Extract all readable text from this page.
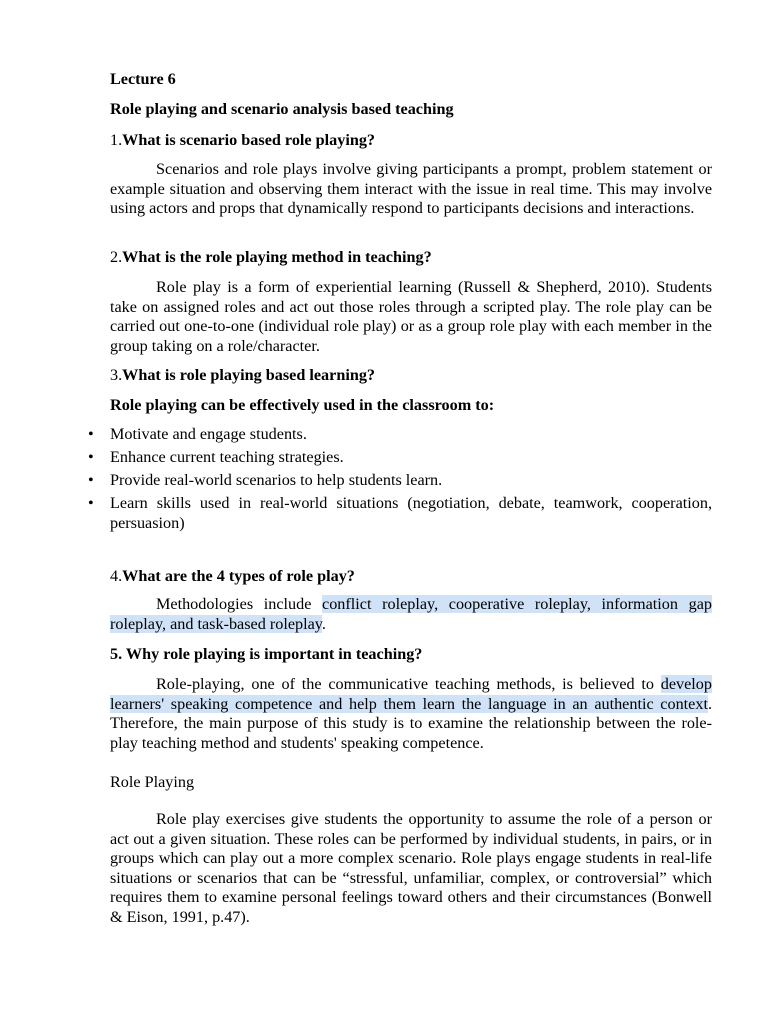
Lecture 6

Role playing and scenario analysis based teaching

1.What is scenario based role playing?

Scenarios and role plays involve giving participants a prompt, problem statement or example situation and observing them interact with the issue in real time. This may involve using actors and props that dynamically respond to participants decisions and interactions.

2.What is the role playing method in teaching?

Role play is a form of experiential learning (Russell & Shepherd, 2010). Students take on assigned roles and act out those roles through a scripted play. The role play can be carried out one-to-one (individual role play) or as a group role play with each member in the group taking on a role/character.

3.What is role playing based learning?

Role playing can be effectively used in the classroom to:

• Motivate and engage students.
• Enhance current teaching strategies.
• Provide real-world scenarios to help students learn.
• Learn skills used in real-world situations (negotiation, debate, teamwork, cooperation, persuasion)

4.What are the 4 types of role play?

Methodologies include conflict roleplay, cooperative roleplay, information gap roleplay, and task-based roleplay.

5. Why role playing is important in teaching?

Role-playing, one of the communicative teaching methods, is believed to develop learners' speaking competence and help them learn the language in an authentic context. Therefore, the main purpose of this study is to examine the relationship between the role-play teaching method and students' speaking competence.

Role Playing

Role play exercises give students the opportunity to assume the role of a person or act out a given situation. These roles can be performed by individual students, in pairs, or in groups which can play out a more complex scenario. Role plays engage students in real-life situations or scenarios that can be “stressful, unfamiliar, complex, or controversial” which requires them to examine personal feelings toward others and their circumstances (Bonwell & Eison, 1991, p.47).
